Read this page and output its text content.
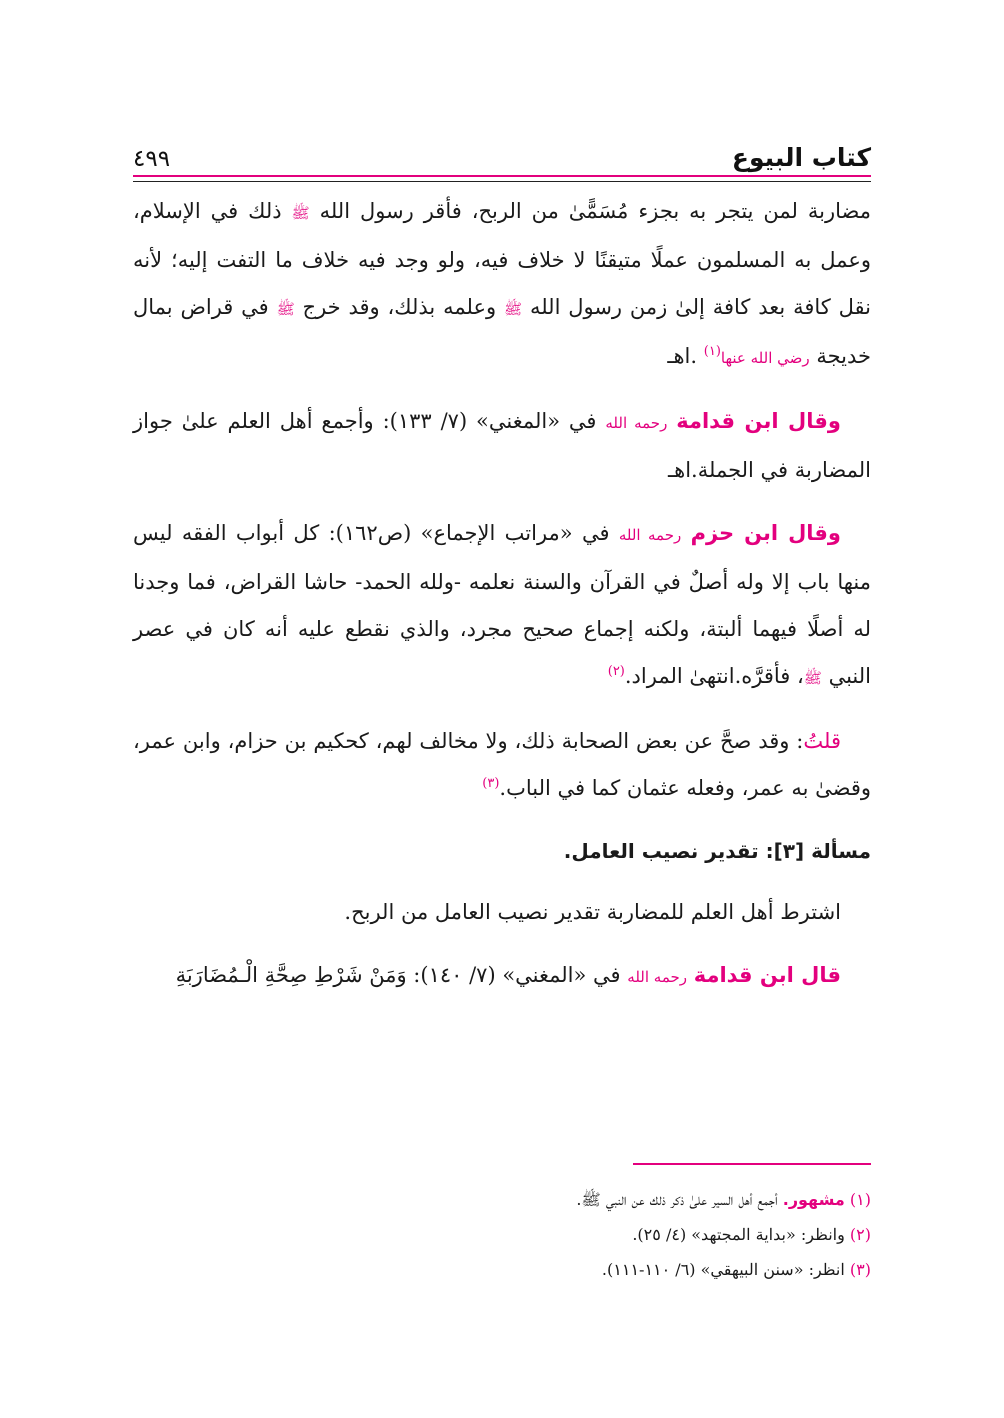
كتاب البيوع
٤٩٩

مضاربة لمن يتجر به بجزء مُسَمًّىٰ من الربح، فأقر رسول الله ﷺ ذلك في الإسلام، وعمل به المسلمون عملًا متيقنًا لا خلاف فيه، ولو وجد فيه خلاف ما التفت إليه؛ لأنه نقل كافة بعد كافة إلىٰ زمن رسول الله ﷺ وعلمه بذلك، وقد خرج ﷺ في قراض بمال خديجة رضي الله عنها$^{(١)}$ .اهـ

وقال ابن قدامة رحمه الله في «المغني» (٧/ ١٣٣): وأجمع أهل العلم علىٰ جواز المضاربة في الجملة.اهـ

وقال ابن حزم رحمه الله في «مراتب الإجماع» (ص١٦٢): كل أبواب الفقه ليس منها باب إلا وله أصلٌ في القرآن والسنة نعلمه -ولله الحمد- حاشا القراض، فما وجدنا له أصلًا فيهما ألبتة، ولكنه إجماع صحيح مجرد، والذي نقطع عليه أنه كان في عصر النبي ﷺ، فأقرَّه.انتهىٰ المراد.$^{(٢)}$

قلتُ: وقد صحَّ عن بعض الصحابة ذلك، ولا مخالف لهم، كحكيم بن حزام، وابن عمر، وقضىٰ به عمر، وفعله عثمان كما في الباب.$^{(٣)}$

مسألة [٣]: تقدير نصيب العامل.

اشترط أهل العلم للمضاربة تقدير نصيب العامل من الربح.

قال ابن قدامة رحمه الله في «المغني» (٧/ ١٤٠): وَمَنْ شَرْطِ صِحَّةِ الْـمُضَارَبَةِ

(١) مشهور. أجمع أهل السير علىٰ ذكر ذلك عن النبي ﷺ.

(٢) وانظر: «بداية المجتهد» (٤/ ٢٥).

(٣) انظر: «سنن البيهقي» (٦/ ١١٠-١١١).
